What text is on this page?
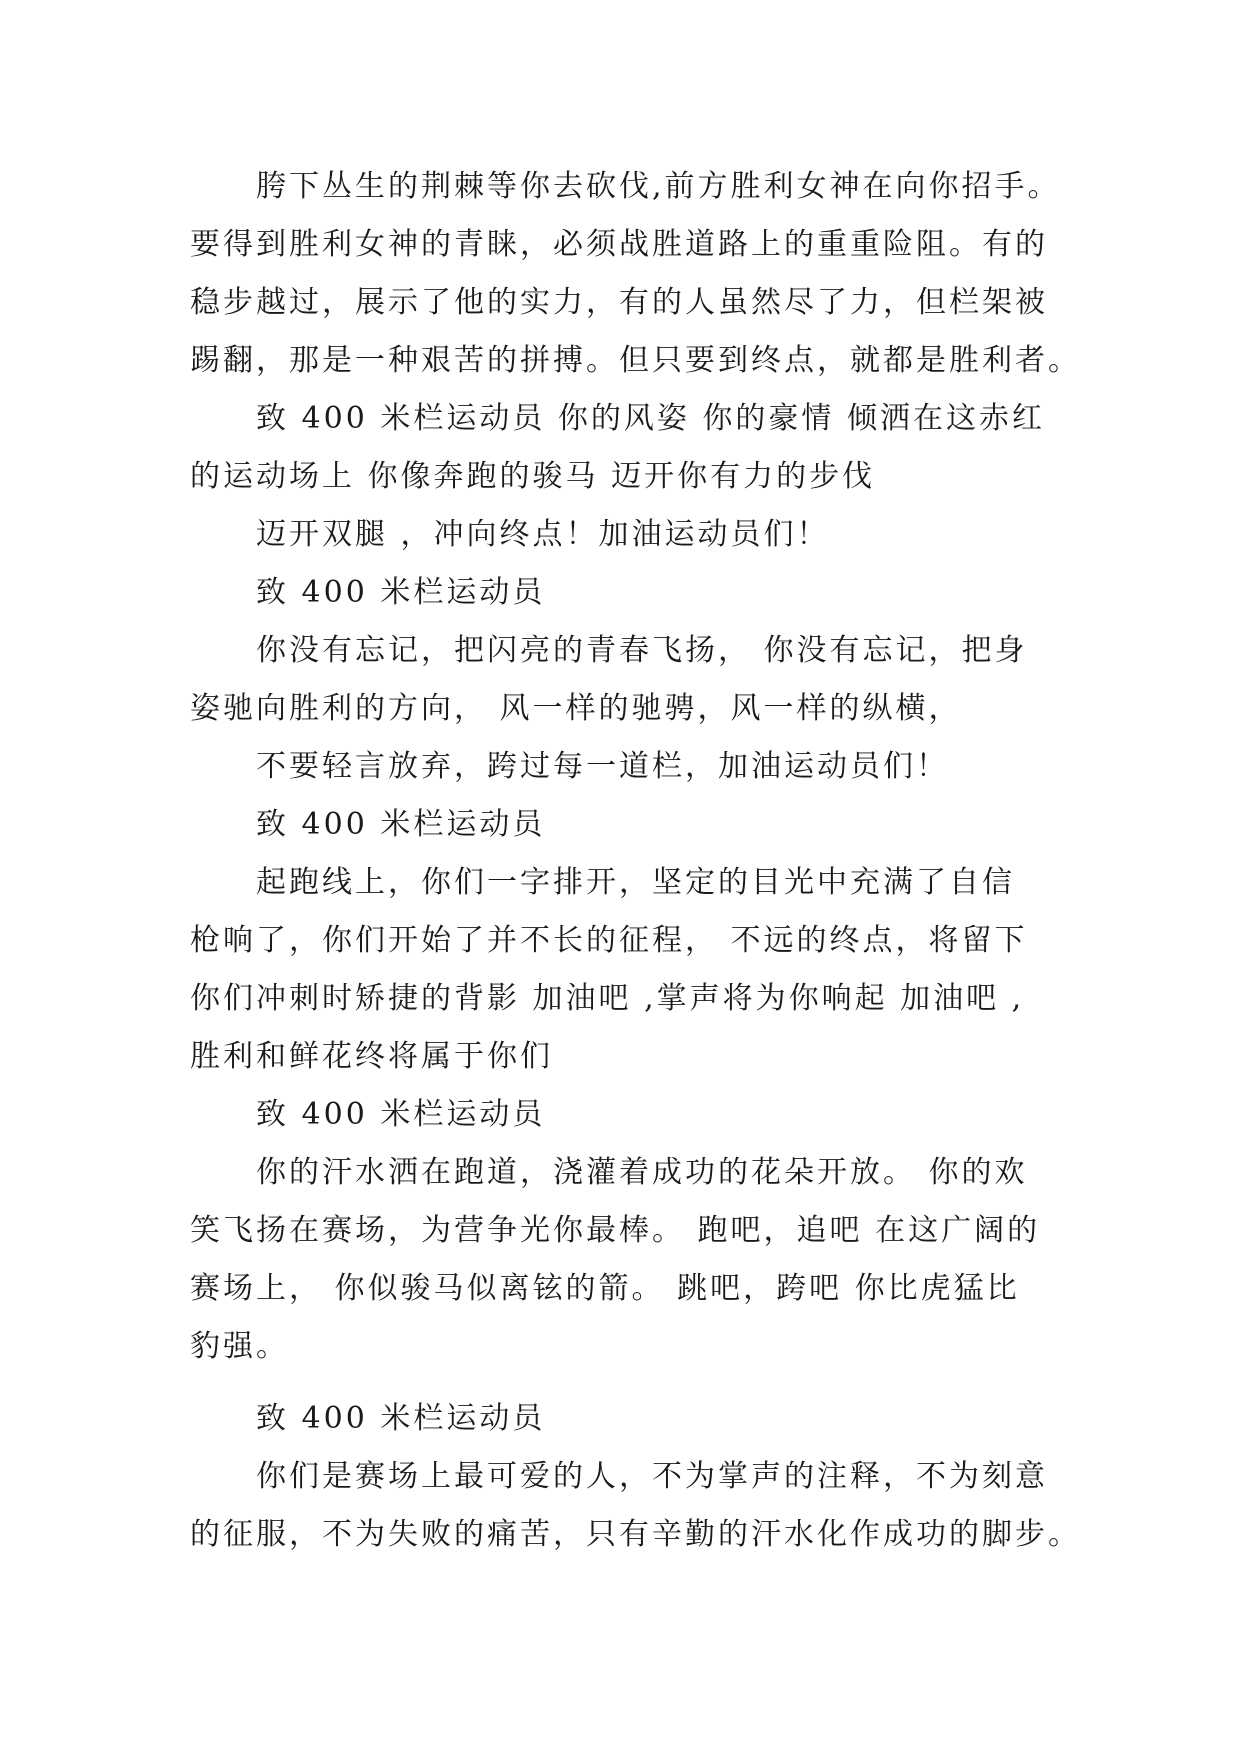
胯下丛生的荆棘等你去砍伐,前方胜利女神在向你招手。
要得到胜利女神的青睐，必须战胜道路上的重重险阻。有的
稳步越过，展示了他的实力，有的人虽然尽了力，但栏架被
踢翻，那是一种艰苦的拼搏。但只要到终点，就都是胜利者。
致 400 米栏运动员 你的风姿 你的豪情 倾洒在这赤红
的运动场上 你像奔跑的骏马 迈开你有力的步伐
迈开双腿 ，冲向终点！加油运动员们！
致 400 米栏运动员
你没有忘记，把闪亮的青春飞扬， 你没有忘记，把身
姿驰向胜利的方向， 风一样的驰骋，风一样的纵横，
不要轻言放弃，跨过每一道栏，加油运动员们！
致 400 米栏运动员
起跑线上，你们一字排开，坚定的目光中充满了自信
枪响了，你们开始了并不长的征程， 不远的终点，将留下
你们冲刺时矫捷的背影 加油吧 ,掌声将为你响起 加油吧 ,
胜利和鲜花终将属于你们
致 400 米栏运动员
你的汗水洒在跑道，浇灌着成功的花朵开放。 你的欢
笑飞扬在赛场，为营争光你最棒。 跑吧，追吧 在这广阔的
赛场上， 你似骏马似离铉的箭。 跳吧，跨吧 你比虎猛比
豹强。
致 400 米栏运动员
你们是赛场上最可爱的人，不为掌声的注释，不为刻意
的征服，不为失败的痛苦，只有辛勤的汗水化作成功的脚步。
